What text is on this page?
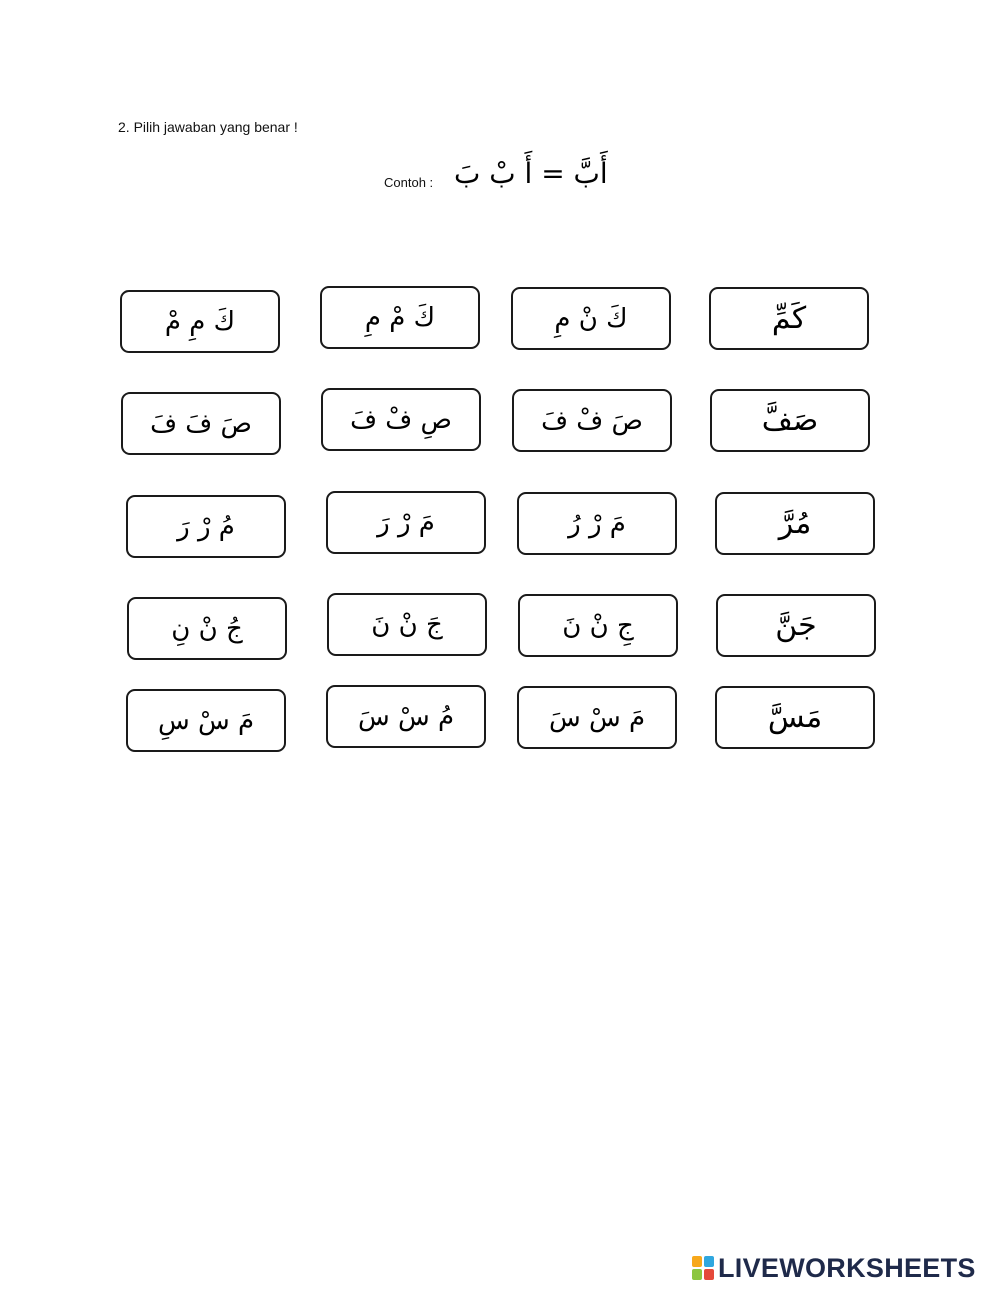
2. Pilih jawaban yang benar !
Contoh : أَبَّ = أَ بْ بَ
كَ مِ مْ	كَ مْ مِ	كَ نْ مِ	كَمِّ
صَ فَ فَ	صِ فْ فَ	صَ فْ فَ	صَفَّ
مُ رْ رَ	مَ رْ رَ	مَ رْ رُ	مُرَّ
جُ نْ نِ	جَ نْ نَ	جِ نْ نَ	جَنَّ
مَ سْ سِ	مُ سْ سَ	مَ سْ سَ	مَسَّ
LIVEWORKSHEETS
